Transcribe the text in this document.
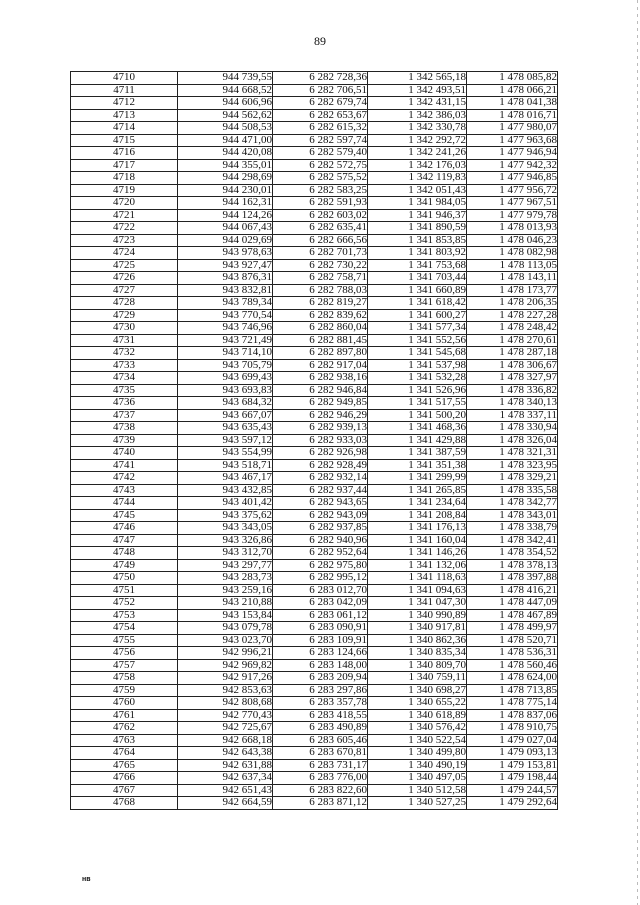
89
4710	944 739,55	6 282 728,36	1 342 565,18	1 478 085,82
4711	944 668,52	6 282 706,51	1 342 493,51	1 478 066,21
4712	944 606,96	6 282 679,74	1 342 431,15	1 478 041,38
4713	944 562,62	6 282 653,67	1 342 386,03	1 478 016,71
4714	944 508,53	6 282 615,32	1 342 330,78	1 477 980,07
4715	944 471,00	6 282 597,74	1 342 292,72	1 477 963,68
4716	944 420,08	6 282 579,40	1 342 241,26	1 477 946,94
4717	944 355,01	6 282 572,75	1 342 176,03	1 477 942,32
4718	944 298,69	6 282 575,52	1 342 119,83	1 477 946,85
4719	944 230,01	6 282 583,25	1 342 051,43	1 477 956,72
4720	944 162,31	6 282 591,93	1 341 984,05	1 477 967,51
4721	944 124,26	6 282 603,02	1 341 946,37	1 477 979,78
4722	944 067,43	6 282 635,41	1 341 890,59	1 478 013,93
4723	944 029,69	6 282 666,56	1 341 853,85	1 478 046,23
4724	943 978,63	6 282 701,73	1 341 803,92	1 478 082,98
4725	943 927,47	6 282 730,22	1 341 753,68	1 478 113,05
4726	943 876,31	6 282 758,71	1 341 703,44	1 478 143,11
4727	943 832,81	6 282 788,03	1 341 660,89	1 478 173,77
4728	943 789,34	6 282 819,27	1 341 618,42	1 478 206,35
4729	943 770,54	6 282 839,62	1 341 600,27	1 478 227,28
4730	943 746,96	6 282 860,04	1 341 577,34	1 478 248,42
4731	943 721,49	6 282 881,45	1 341 552,56	1 478 270,61
4732	943 714,10	6 282 897,80	1 341 545,68	1 478 287,18
4733	943 705,79	6 282 917,04	1 341 537,98	1 478 306,67
4734	943 699,43	6 282 938,16	1 341 532,28	1 478 327,97
4735	943 693,83	6 282 946,84	1 341 526,96	1 478 336,82
4736	943 684,32	6 282 949,85	1 341 517,55	1 478 340,13
4737	943 667,07	6 282 946,29	1 341 500,20	1 478 337,11
4738	943 635,43	6 282 939,13	1 341 468,36	1 478 330,94
4739	943 597,12	6 282 933,03	1 341 429,88	1 478 326,04
4740	943 554,99	6 282 926,98	1 341 387,59	1 478 321,31
4741	943 518,71	6 282 928,49	1 341 351,38	1 478 323,95
4742	943 467,17	6 282 932,14	1 341 299,99	1 478 329,21
4743	943 432,85	6 282 937,44	1 341 265,85	1 478 335,58
4744	943 401,42	6 282 943,65	1 341 234,64	1 478 342,77
4745	943 375,62	6 282 943,09	1 341 208,84	1 478 343,01
4746	943 343,05	6 282 937,85	1 341 176,13	1 478 338,79
4747	943 326,86	6 282 940,96	1 341 160,04	1 478 342,41
4748	943 312,70	6 282 952,64	1 341 146,26	1 478 354,52
4749	943 297,77	6 282 975,80	1 341 132,06	1 478 378,13
4750	943 283,73	6 282 995,12	1 341 118,63	1 478 397,88
4751	943 259,16	6 283 012,70	1 341 094,63	1 478 416,21
4752	943 210,88	6 283 042,09	1 341 047,30	1 478 447,09
4753	943 153,84	6 283 061,12	1 340 990,89	1 478 467,89
4754	943 079,78	6 283 090,91	1 340 917,81	1 478 499,97
4755	943 023,70	6 283 109,91	1 340 862,36	1 478 520,71
4756	942 996,21	6 283 124,66	1 340 835,34	1 478 536,31
4757	942 969,82	6 283 148,00	1 340 809,70	1 478 560,46
4758	942 917,26	6 283 209,94	1 340 759,11	1 478 624,00
4759	942 853,63	6 283 297,86	1 340 698,27	1 478 713,85
4760	942 808,68	6 283 357,78	1 340 655,22	1 478 775,14
4761	942 770,43	6 283 418,55	1 340 618,89	1 478 837,06
4762	942 725,67	6 283 490,89	1 340 576,42	1 478 910,75
4763	942 668,18	6 283 605,46	1 340 522,54	1 479 027,04
4764	942 643,38	6 283 670,81	1 340 499,80	1 479 093,13
4765	942 631,88	6 283 731,17	1 340 490,19	1 479 153,81
4766	942 637,34	6 283 776,00	1 340 497,05	1 479 198,44
4767	942 651,43	6 283 822,60	1 340 512,58	1 479 244,57
4768	942 664,59	6 283 871,12	1 340 527,25	1 479 292,64
нв
